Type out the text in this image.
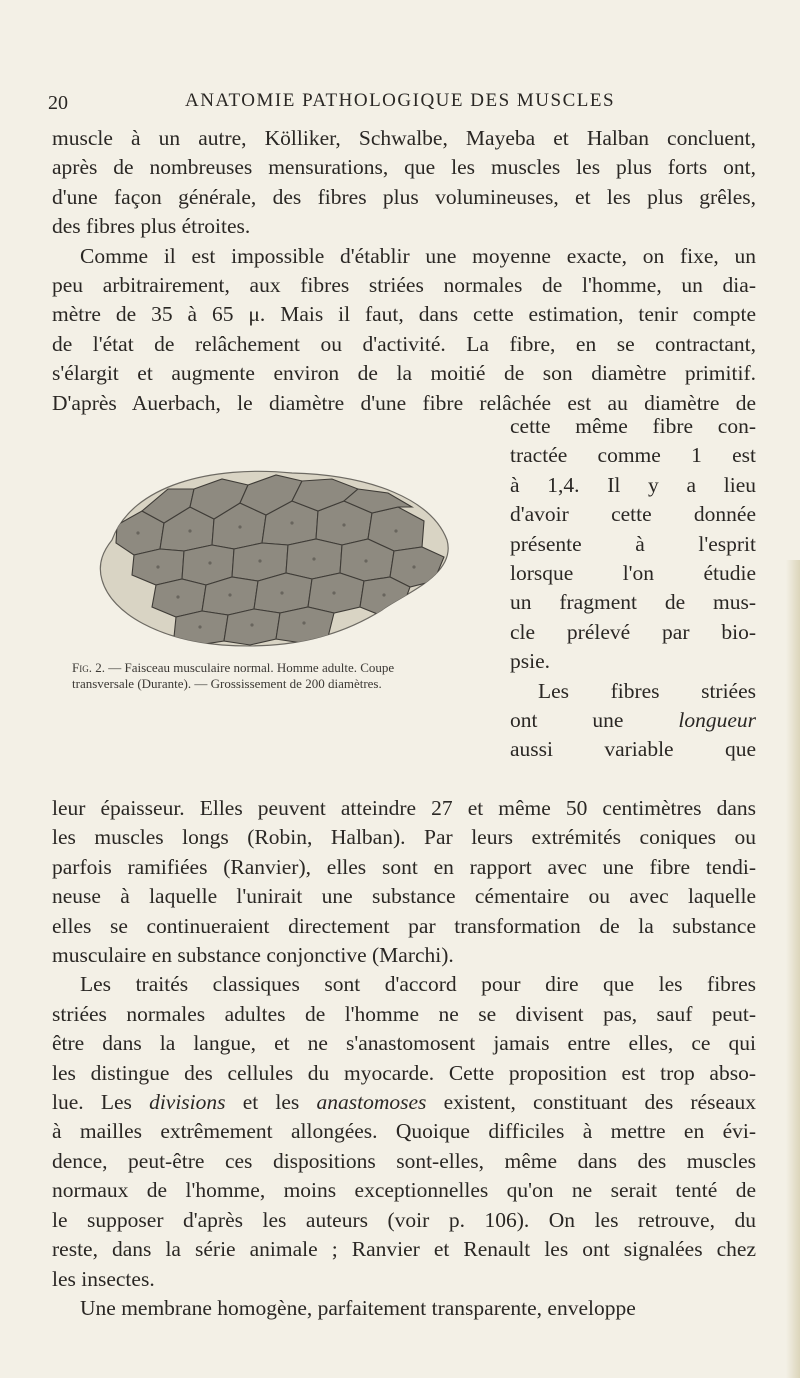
20	ANATOMIE PATHOLOGIQUE DES MUSCLES

muscle à un autre, Kölliker, Schwalbe, Mayeba et Halban concluent,

après de nombreuses mensurations, que les muscles les plus forts ont,

d'une façon générale, des fibres plus volumineuses, et les plus grêles,

des fibres plus étroites.

Comme il est impossible d'établir une moyenne exacte, on fixe, un

peu arbitrairement, aux fibres striées normales de l'homme, un dia-

mètre de 35 à 65 μ. Mais il faut, dans cette estimation, tenir compte

de l'état de relâchement ou d'activité. La fibre, en se contractant,

s'élargit et augmente environ de la moitié de son diamètre primitif.

D'après Auerbach, le diamètre d'une fibre relâchée est au diamètre de

Fig. 2. — Faisceau musculaire normal. Homme adulte. Coupe
transversale (Durante). — Grossissement de 200 diamètres.

cette même fibre con-

tractée comme 1 est

à 1,4. Il y a lieu

d'avoir cette donnée

présente à l'esprit

lorsque l'on étudie

un fragment de mus-

cle prélevé par bio-

psie.

Les fibres striées

ont une	longueur

aussi variable que

leur épaisseur. Elles peuvent atteindre 27 et même 50 centimètres dans

les muscles longs (Robin, Halban). Par leurs extrémités coniques ou

parfois ramifiées (Ranvier), elles sont en rapport avec une fibre tendi-

neuse à laquelle l'unirait une substance cémentaire ou avec laquelle

elles se continueraient directement par transformation de la substance

musculaire en substance conjonctive (Marchi).

Les traités classiques sont d'accord pour dire que les fibres

striées normales adultes de l'homme ne se divisent pas, sauf peut-

être dans la langue, et ne s'anastomosent jamais entre elles, ce qui

les distingue des cellules du myocarde. Cette proposition est trop abso-

lue. Les divisions et les anastomoses existent, constituant des réseaux

à mailles extrêmement allongées. Quoique difficiles à mettre en évi-

dence, peut-être ces dispositions sont-elles, même dans des muscles

normaux de l'homme, moins exceptionnelles qu'on ne serait tenté de

le supposer d'après les auteurs (voir p. 106). On les retrouve, du

reste, dans la série animale ; Ranvier et Renault les ont signalées chez

les insectes.

Une membrane homogène, parfaitement transparente, enveloppe
